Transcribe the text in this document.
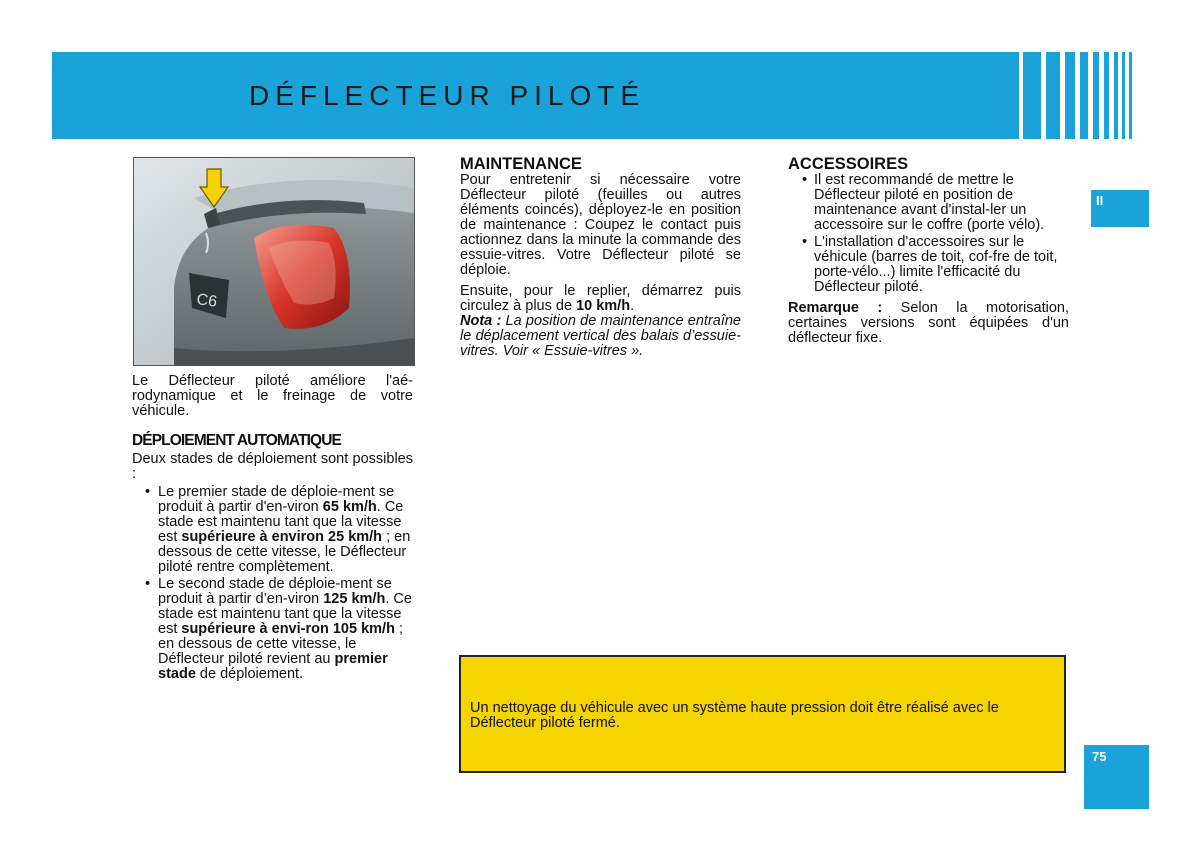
DÉFLECTEUR PILOTÉ
C6

Le Déflecteur piloté améliore l'aé-rodynamique et le freinage de votre véhicule.

DÉPLOIEMENT AUTOMATIQUE

Deux stades de déploiement sont possibles :

• Le premier stade de déploie-ment se produit à partir d'en-viron 65 km/h. Ce stade est maintenu tant que la vitesse est supérieure à environ 25 km/h ; en dessous de cette vitesse, le Déflecteur piloté rentre complètement.
• Le second stade de déploie-ment se produit à partir d’en-viron 125 km/h. Ce stade est maintenu tant que la vitesse est supérieure à envi-ron 105 km/h ; en dessous de cette vitesse, le Déflecteur piloté revient au premier stade de déploiement.

MAINTENANCE

Pour entretenir si nécessaire votre Déflecteur piloté (feuilles ou autres éléments coincés), déployez-le en position de maintenance : Coupez le contact puis actionnez dans la minute la commande des essuie-vitres. Votre Déflecteur piloté se déploie.

Ensuite, pour le replier, démarrez puis circulez à plus de 10 km/h.

Nota : La position de maintenance entraîne le déplacement vertical des balais d’essuie-vitres. Voir « Essuie-vitres ».

ACCESSOIRES

• Il est recommandé de mettre le Déflecteur piloté en position de maintenance avant d'instal-ler un accessoire sur le coffre (porte vélo).
• L'installation d'accessoires sur le véhicule (barres de toit, cof-fre de toit, porte-vélo...) limite l'efficacité du Déflecteur piloté.

Remarque : Selon la motorisation, certaines versions sont équipées d'un déflecteur fixe.

II

Un nettoyage du véhicule avec un système haute pression doit être réalisé avec le Déflecteur piloté fermé.

75
